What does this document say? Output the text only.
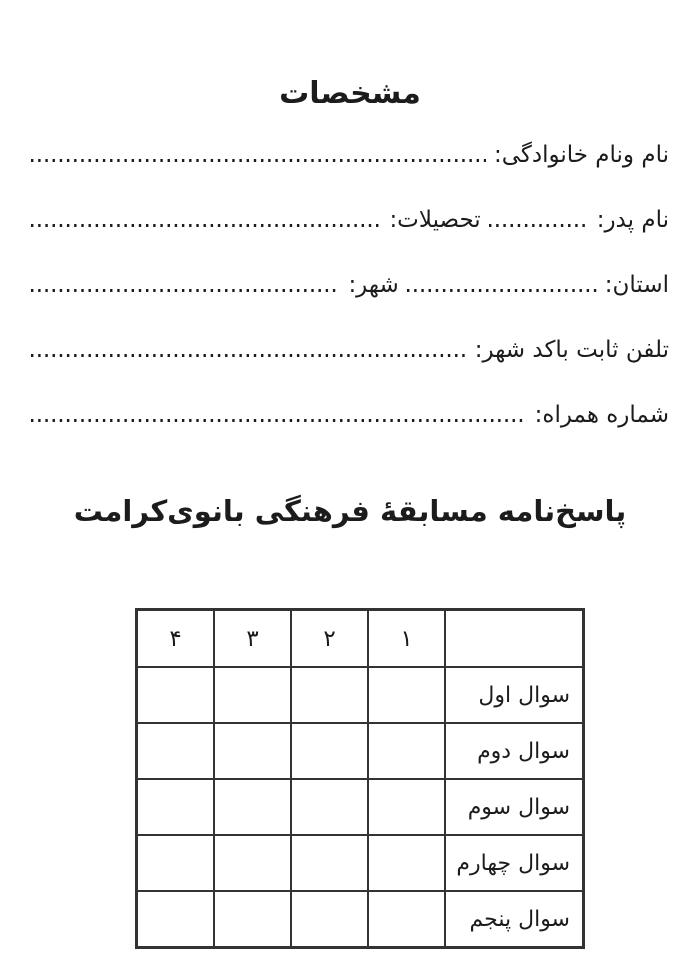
مشخصات
نام ونام خانوادگی:
نام پدر:
تحصیلات:
استان:
شهر:
تلفن ثابت باکد شهر:
شماره همراه:
پاسخ‌نامه مسابقۀ فرهنگی بانوی‌کرامت
	۱	۲	۳	۴
سوال اول				
سوال دوم				
سوال سوم				
سوال چهارم				
سوال پنجم				
